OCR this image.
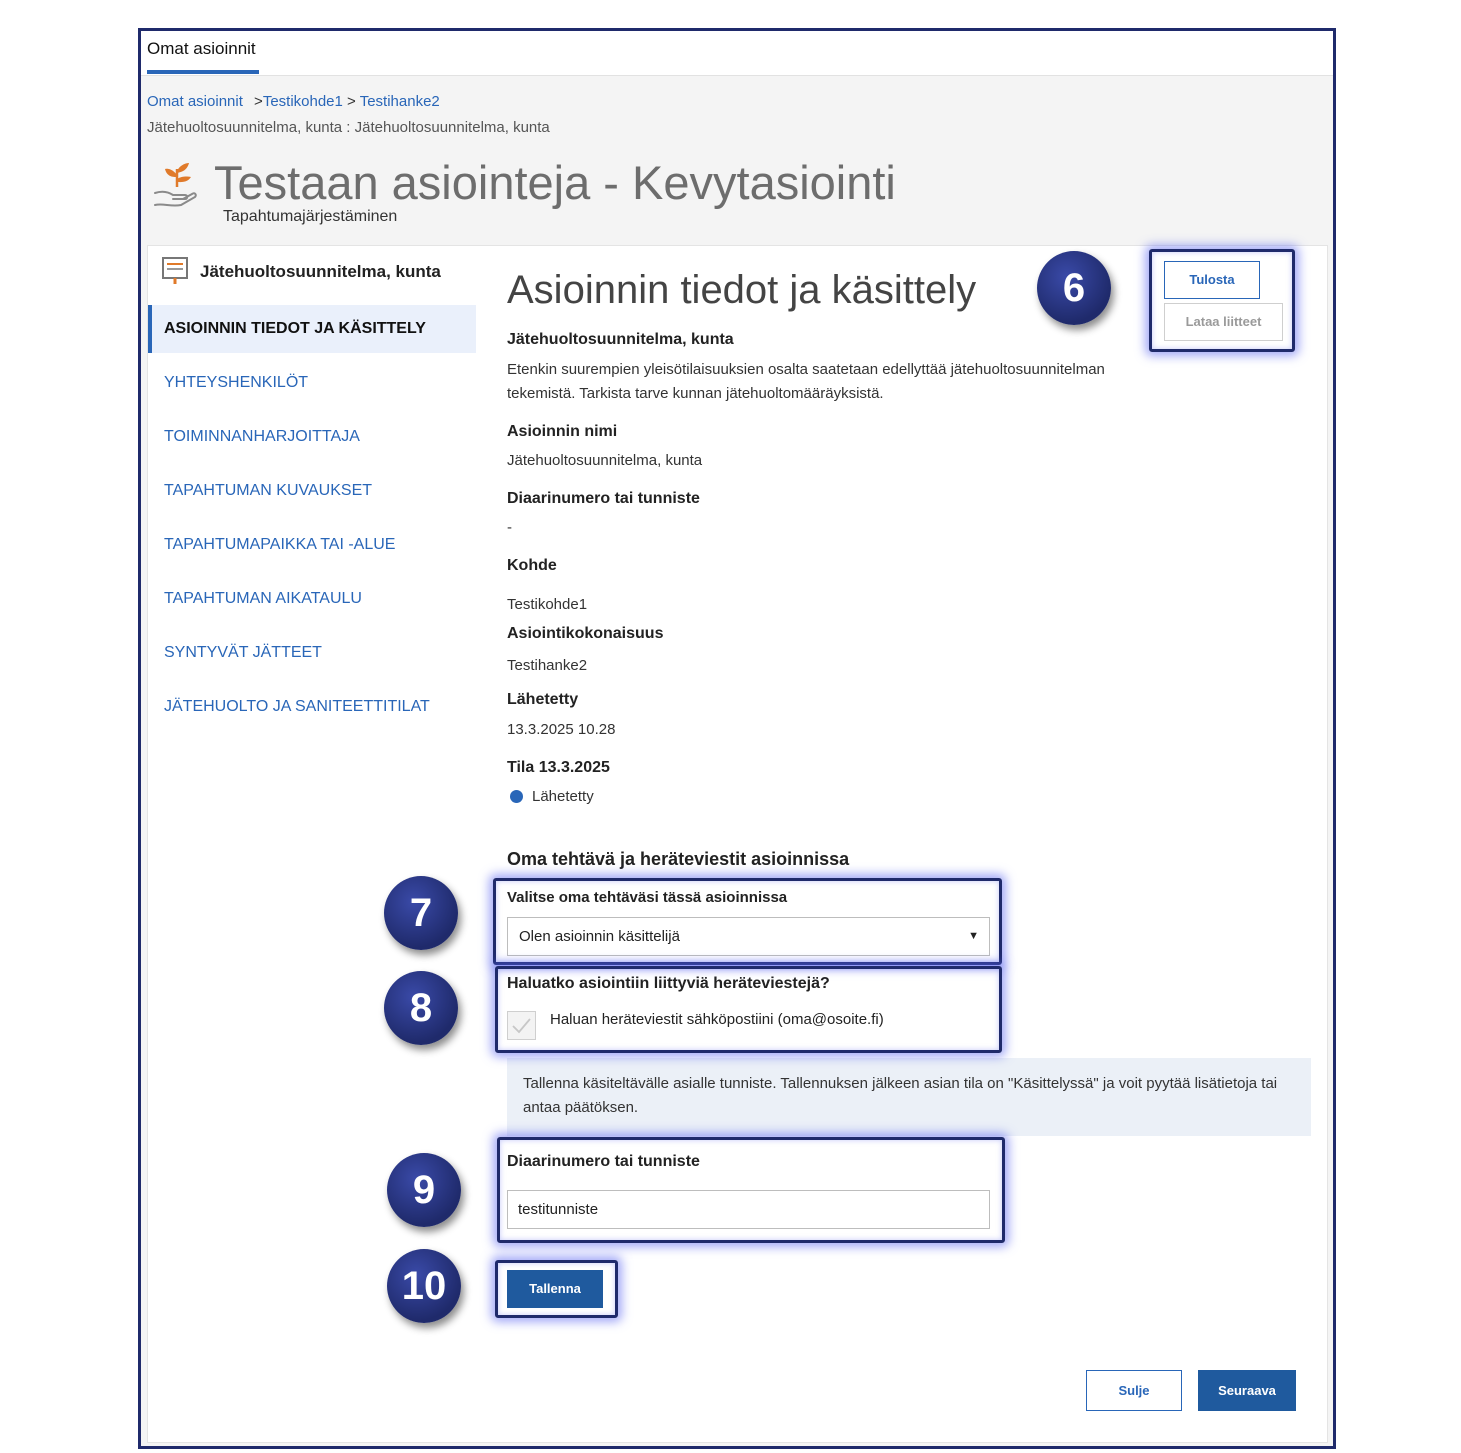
Omat asioinnit
Omat asioinnit >Testikohde1 > Testihanke2
Jätehuoltosuunnitelma, kunta : Jätehuoltosuunnitelma, kunta
Testaan asiointeja - Kevytasiointi
Tapahtumajärjestäminen
Jätehuoltosuunnitelma, kunta
ASIOINNIN TIEDOT JA KÄSITTELY
YHTEYSHENKILÖT
TOIMINNANHARJOITTAJA
TAPAHTUMAN KUVAUKSET
TAPAHTUMAPAIKKA TAI -ALUE
TAPAHTUMAN AIKATAULU
SYNTYVÄT JÄTTEET
JÄTEHUOLTO JA SANITEETTITILAT
Asioinnin tiedot ja käsittely
Jätehuoltosuunnitelma, kunta
Etenkin suurempien yleisötilaisuuksien osalta saatetaan edellyttää jätehuoltosuunnitelman tekemistä. Tarkista tarve kunnan jätehuoltomääräyksistä.
Asioinnin nimi
Jätehuoltosuunnitelma, kunta
Diaarinumero tai tunniste
-
Kohde
Testikohde1
Asiointikokonaisuus
Testihanke2
Lähetetty
13.3.2025 10.28
Tila 13.3.2025
Lähetetty
Oma tehtävä ja heräteviestit asioinnissa
Valitse oma tehtäväsi tässä asioinnissa
Olen asioinnin käsittelijä	▼
Haluatko asiointiin liittyviä heräteviestejä?
Haluan heräteviestit sähköpostiini (oma@osoite.fi)
Tallenna käsiteltävälle asialle tunniste. Tallennuksen jälkeen asian tila on "Käsittelyssä" ja voit pyytää lisätietoja tai antaa päätöksen.
Diaarinumero tai tunniste
testitunniste
Tallenna
Tulosta
Lataa liitteet
Sulje	Seuraava
6
7
8
9
10
